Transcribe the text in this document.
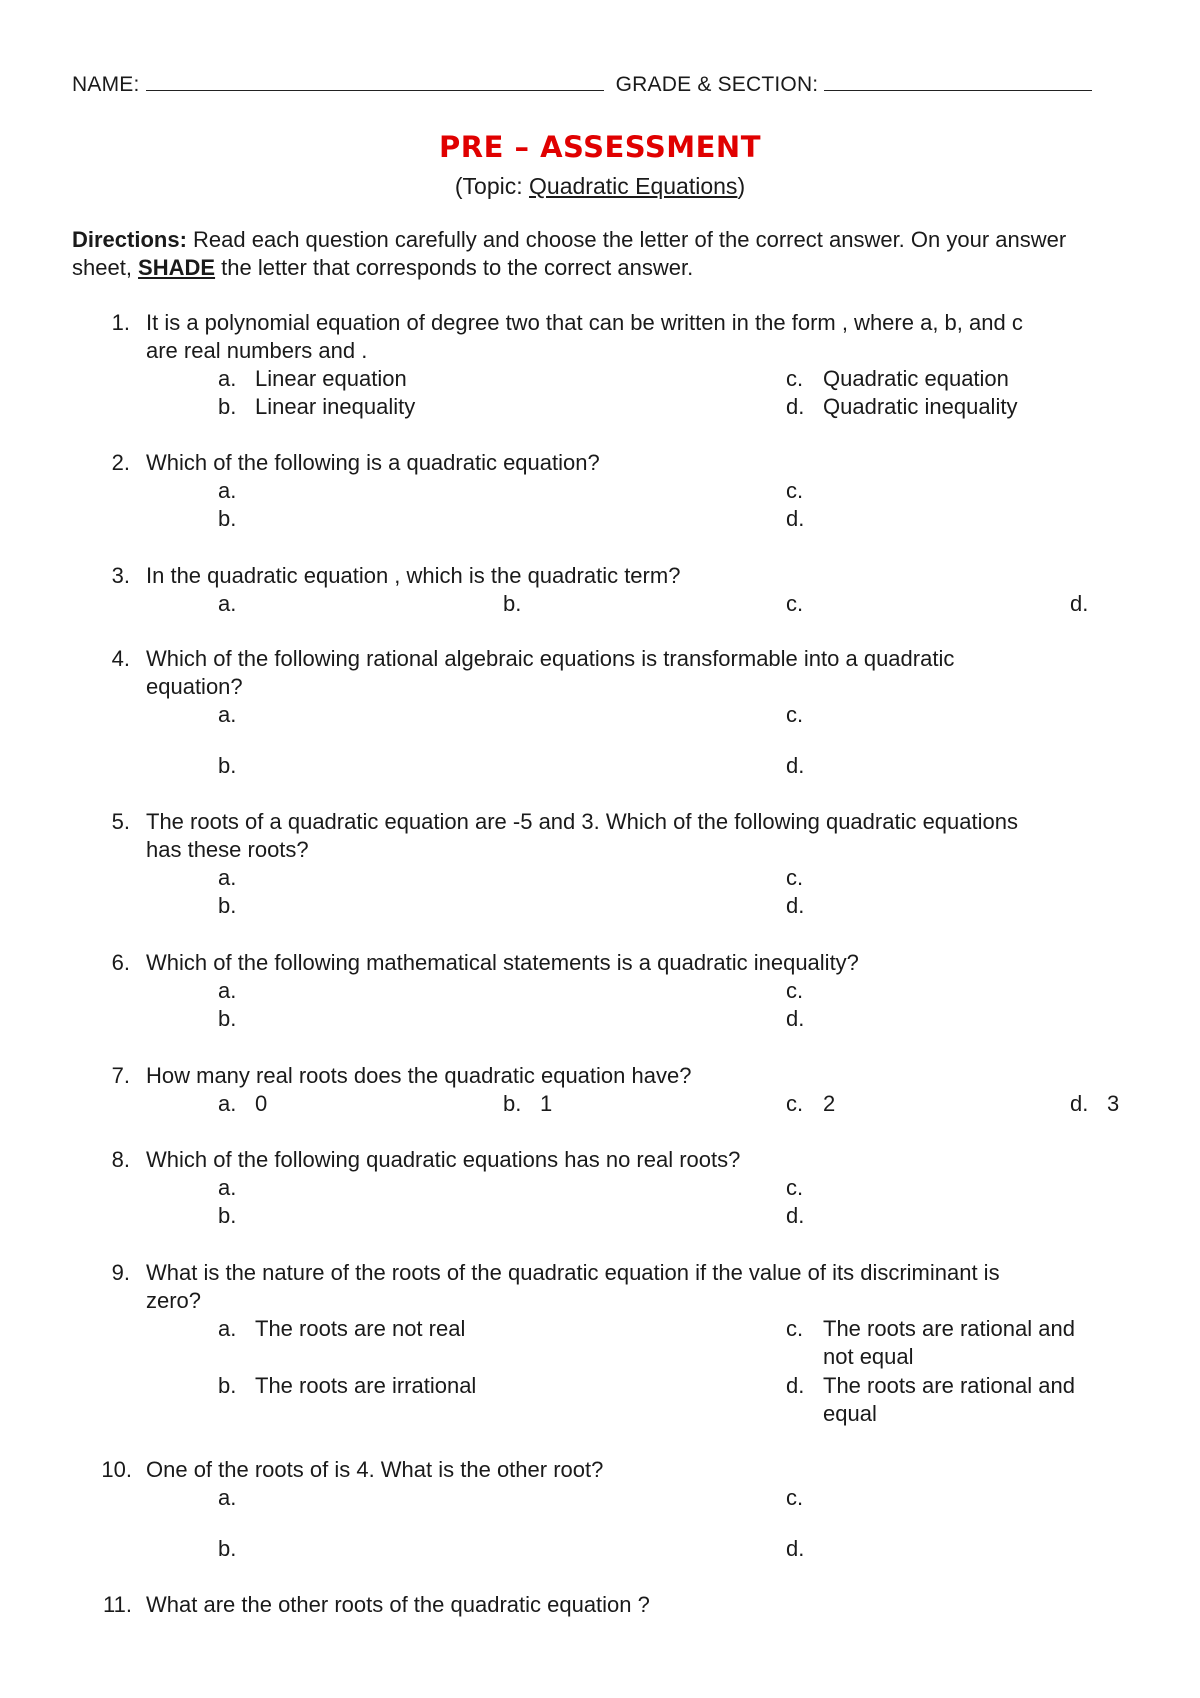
NAME:	GRADE & SECTION:
PRE – ASSESSMENT
(Topic: Quadratic Equations)
Directions: Read each question carefully and choose the letter of the correct answer. On your answer sheet, SHADE the letter that corresponds to the correct answer.
1. It is a polynomial equation of degree two that can be written in the form , where a, b, and c
are real numbers and .
a. Linear equation
b. Linear inequality
c. Quadratic equation
d. Quadratic inequality
2. Which of the following is a quadratic equation?
a.
b.
c.
d.
3. In the quadratic equation , which is the quadratic term?
a.	b.	c.	d.
4. Which of the following rational algebraic equations is transformable into a quadratic
equation?
a.
b.
c.
d.
5. The roots of a quadratic equation are -5 and 3. Which of the following quadratic equations
has these roots?
a.
b.
c.
d.
6. Which of the following mathematical statements is a quadratic inequality?
a.
b.
c.
d.
7. How many real roots does the quadratic equation have?
a. 0	b. 1	c. 2	d. 3
8. Which of the following quadratic equations has no real roots?
a.
b.
c.
d.
9. What is the nature of the roots of the quadratic equation if the value of its discriminant is
zero?
a. The roots are not real
b. The roots are irrational
c. The roots are rational and
not equal
d. The roots are rational and
equal
10. One of the roots of is 4. What is the other root?
a.
b.
c.
d.
11. What are the other roots of the quadratic equation ?
